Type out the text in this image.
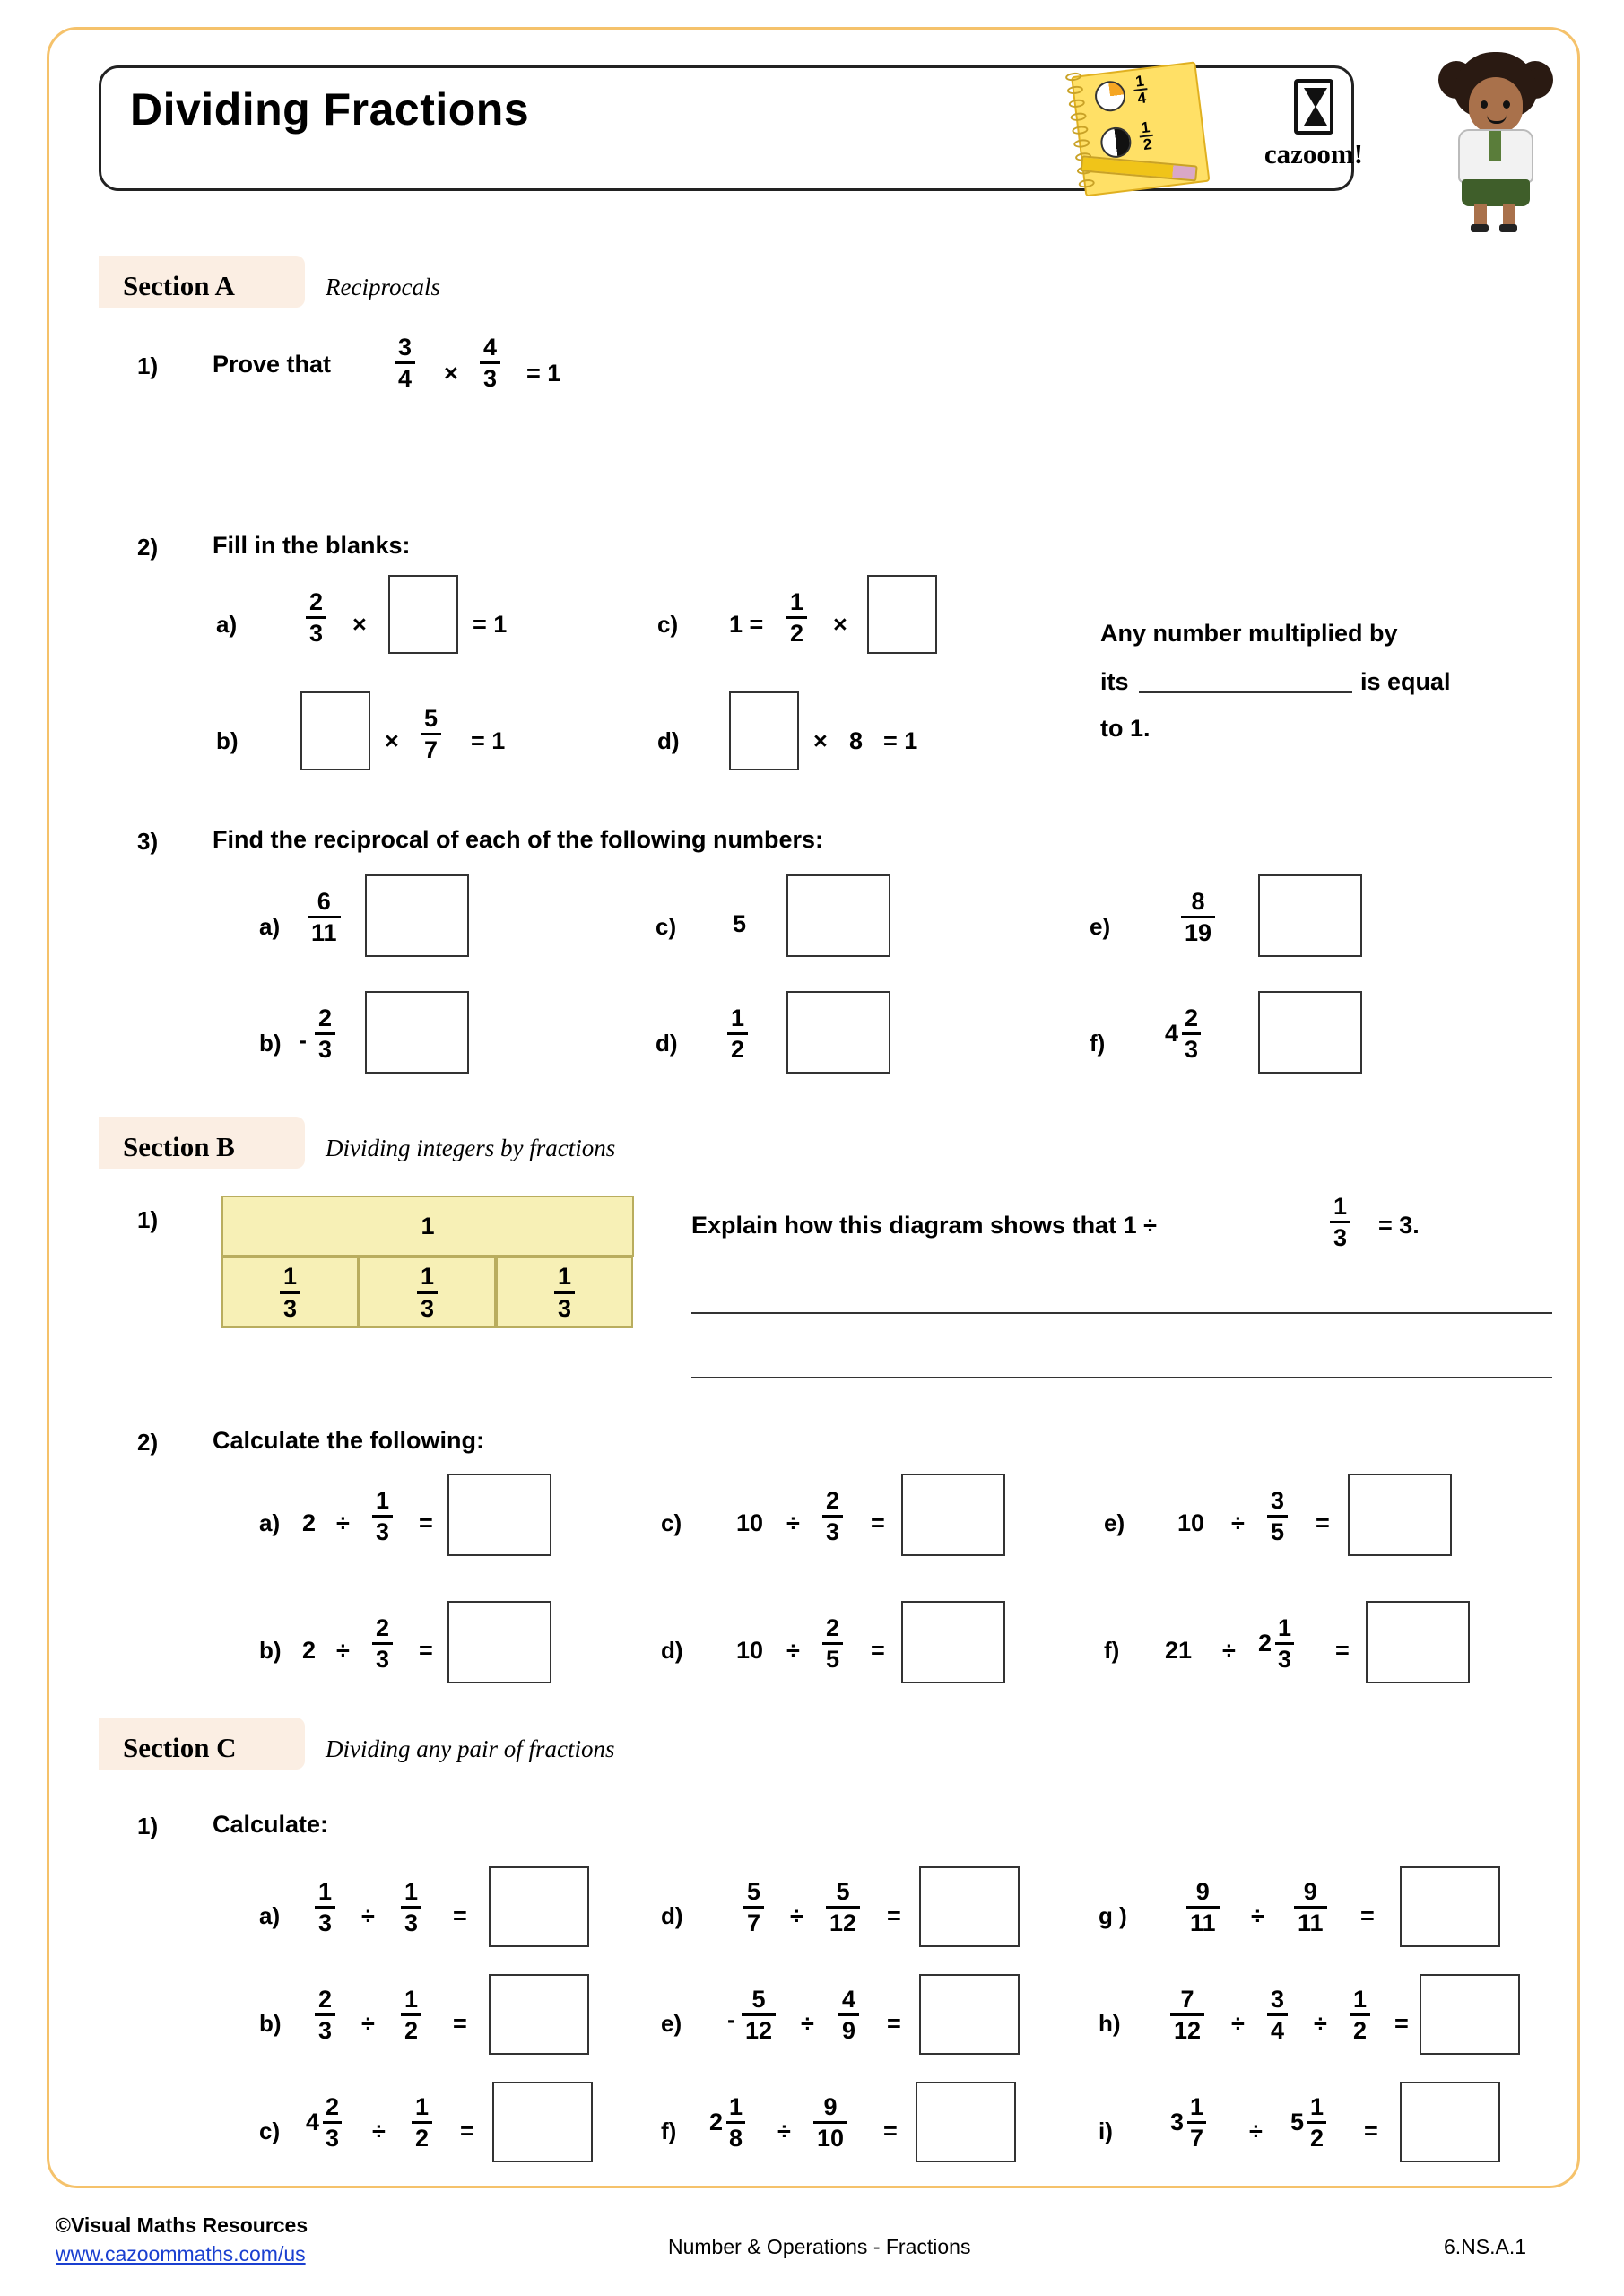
Dividing Fractions	$\frac{1}{4}$
$\frac{1}{2}$
cazoom!
Section A	Reciprocals
1) Prove that
3
4 ×
4
3 = 1
2) Fill in the blanks:
a)
2
3 ×	= 1
b)	×
5
7 = 1
c) 1 =
1
2 ×
d)	× 8 = 1
Any number multiplied by
its	is equal
to 1.
3) Find the reciprocal of each of the following numbers:
a)
6
11
b) -
2
3
c) 5
d)
1
2
e)
8
19
f) 4
2
3
Section B	Dividing integers by fractions
1)	1
$\frac{1}{3}$	$\frac{1}{3}$	$\frac{1}{3}$
Explain how this diagram shows that 1 ÷
1
3 = 3.
2) Calculate the following:
a) 2 ÷
1
3 =
b) 2 ÷
2
3 =
c) 10 ÷
2
3 =
d) 10 ÷
2
5 =
e) 10 ÷
3
5 =
f) 21 ÷ 2
1
3 =
Section C	Dividing any pair of fractions
1) Calculate:
a)
1
3 ÷
1
3 =
b)
2
3 ÷
1
2 =
c) 4
2
3 ÷
1
2 =
d)
5
7 ÷
5
12 =
e) -
5
12 ÷
4
9 =
f) 2
1
8 ÷
9
10 =
g )
9
11 ÷
9
11 =
h)
7
12 ÷
3
4 ÷
1
2 =
i) 3
1
7 ÷ 5
1
2 =
©Visual Maths Resources
www.cazoommaths.com/us	Number & Operations - Fractions	6.NS.A.1
